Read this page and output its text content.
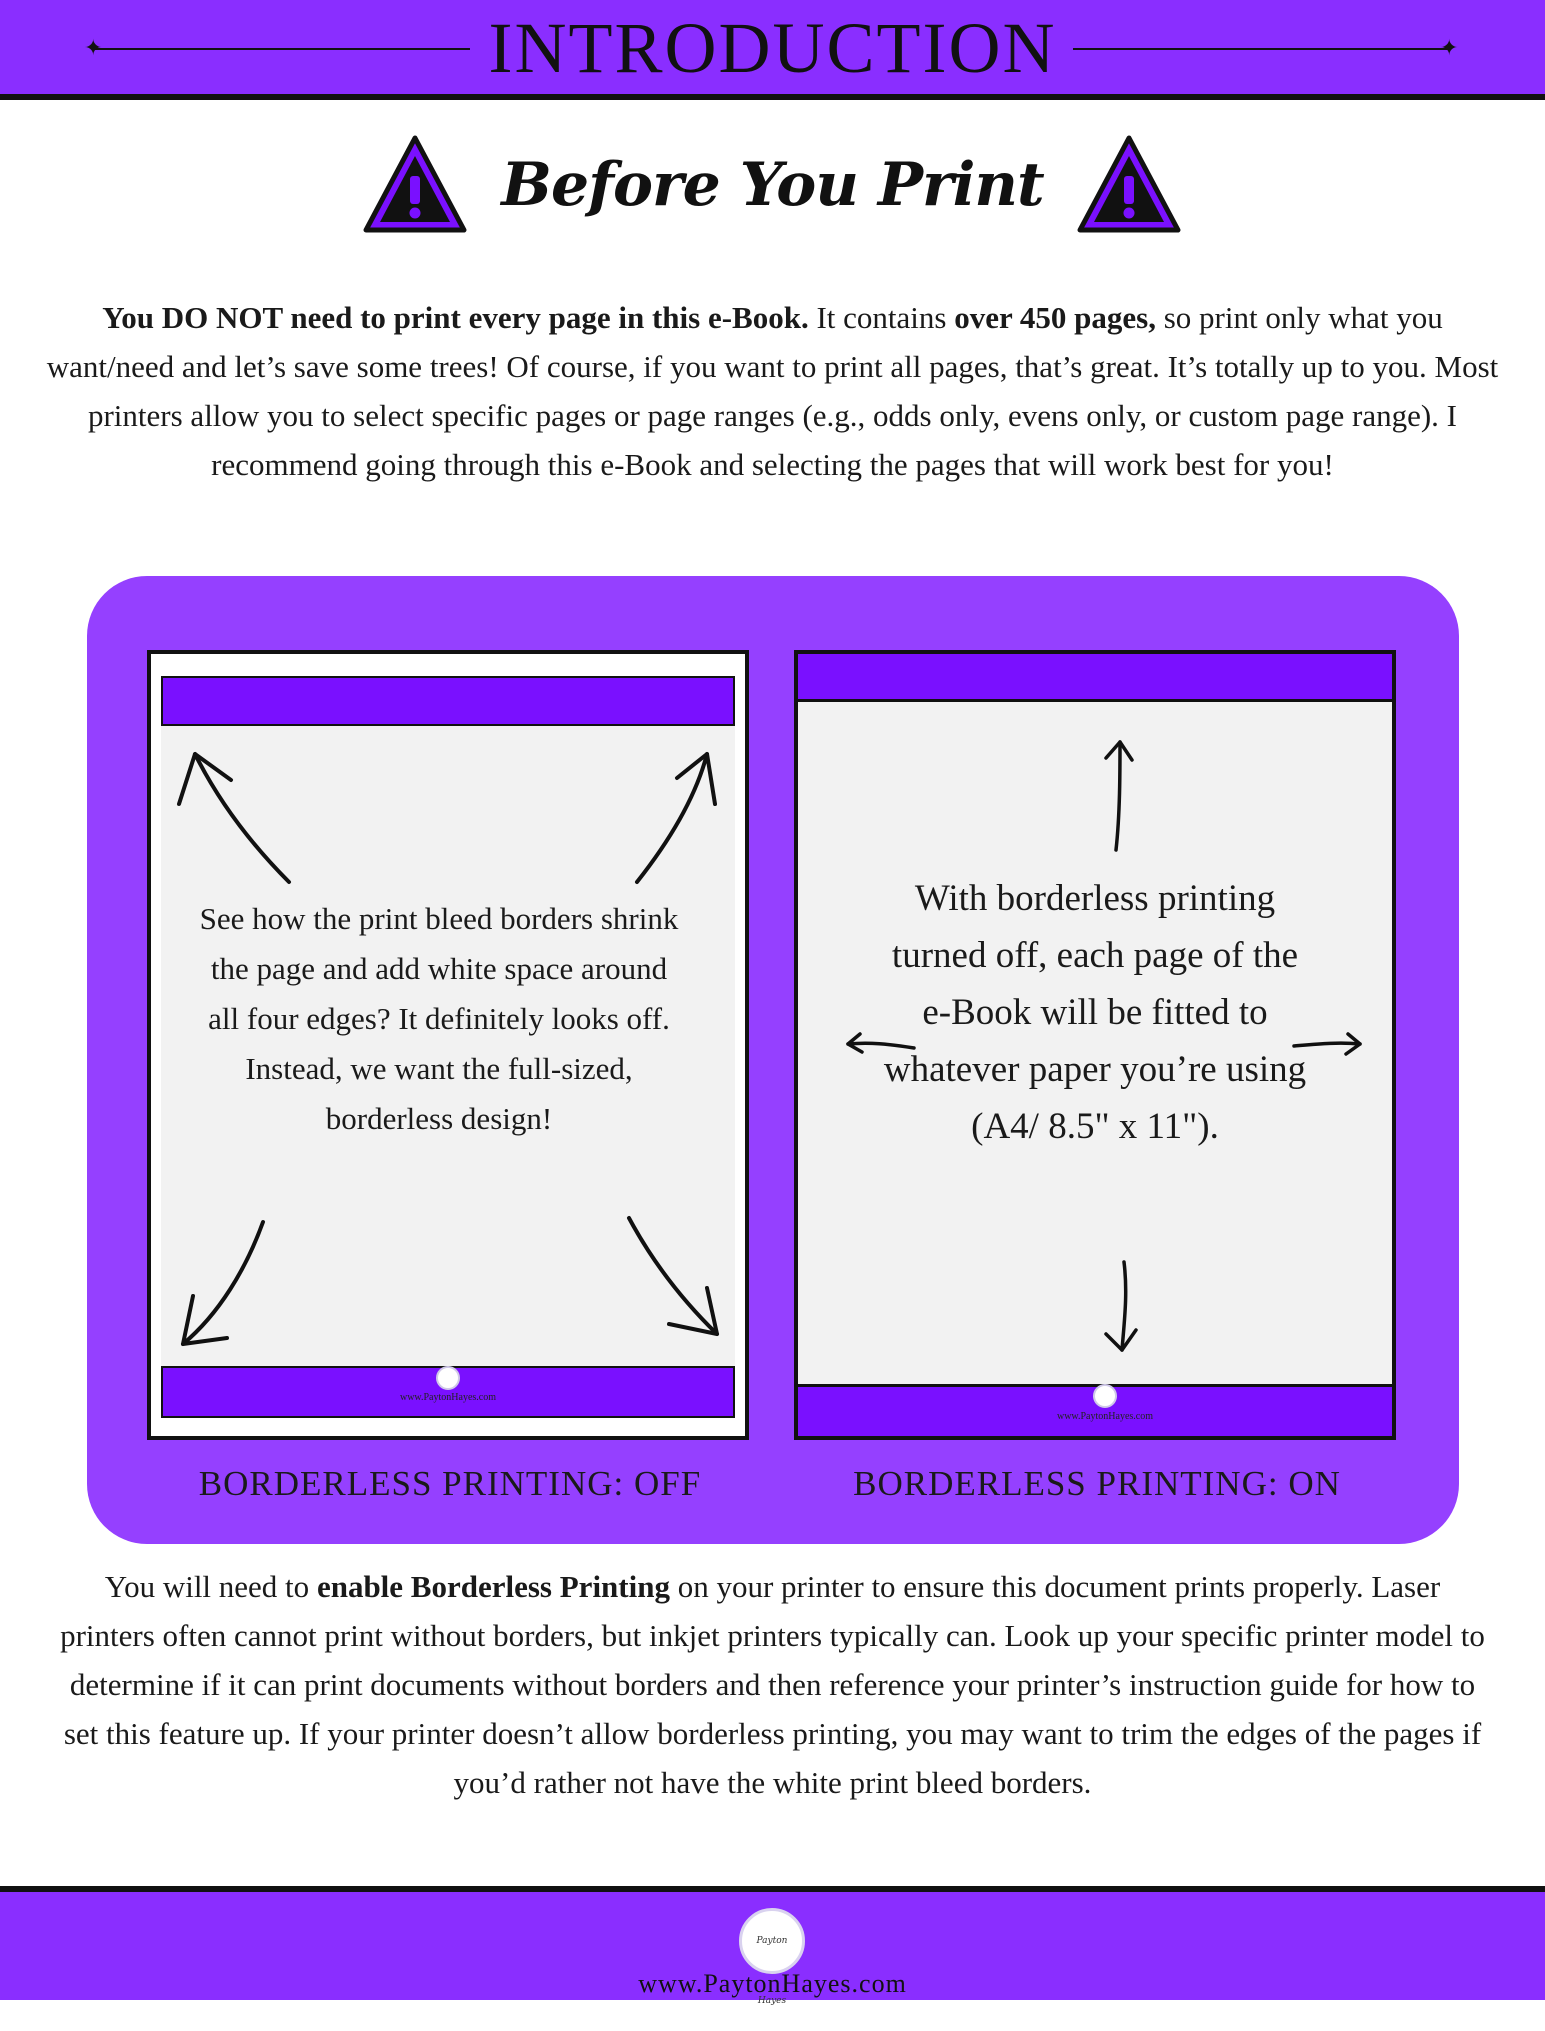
✦	✦
INTRODUCTION
Before You Print
You DO NOT need to print every page in this e-Book. It contains over 450 pages, so print only what you want/need and let’s save some trees! Of course, if you want to print all pages, that’s great. It’s totally up to you. Most printers allow you to select specific pages or page ranges (e.g., odds only, evens only, or custom page range). I recommend going through this e-Book and selecting the pages that will work best for you!
www.PaytonHayes.com
See how the print bleed borders shrink the page and add white space around all four edges? It definitely looks off. Instead, we want the full-sized, borderless design!
www.PaytonHayes.com
With borderless printing turned off, each page of the e-Book will be fitted to whatever paper you’re using (A4/ 8.5" x 11").
BORDERLESS PRINTING: OFF	BORDERLESS PRINTING: ON
You will need to enable Borderless Printing on your printer to ensure this document prints properly. Laser printers often cannot print without borders, but inkjet printers typically can. Look up your specific printer model to determine if it can print documents without borders and then reference your printer’s instruction guide for how to set this feature up. If your printer doesn’t allow borderless printing, you may want to trim the edges of the pages if you’d rather not have the white print bleed borders.
Payton Hayes
www.PaytonHayes.com
